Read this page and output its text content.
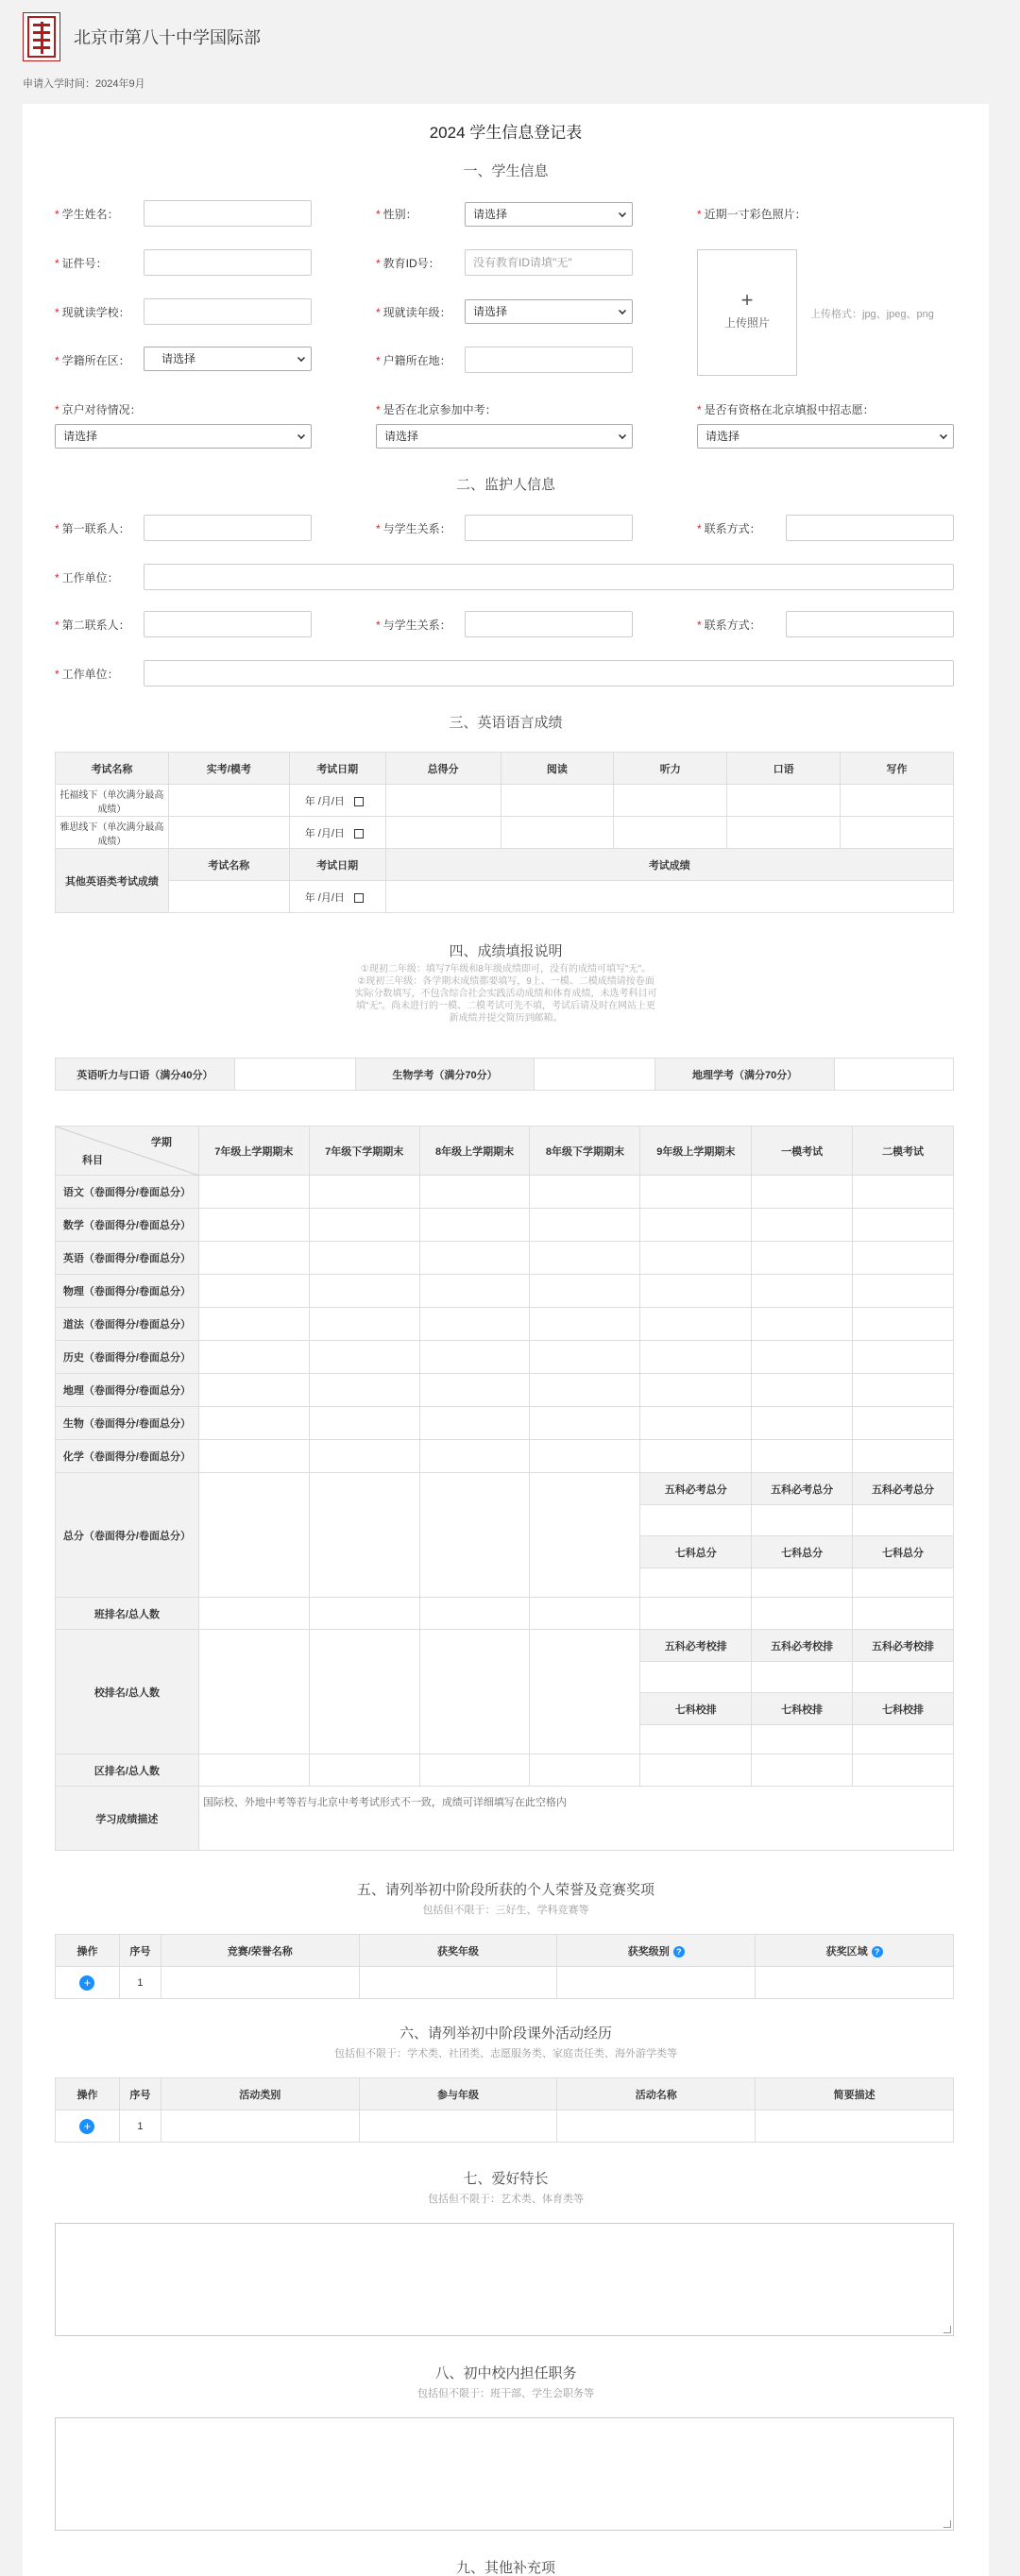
北京市第八十中学国际部
申请入学时间：2024年9月
2024 学生信息登记表
一、学生信息
* 学生姓名：	* 性别：	请选择	* 近期一寸彩色照片：
* 证件号：	* 教育ID号：	没有教育ID请填"无"
+
上传照片
上传格式：jpg、jpeg、png
* 现就读学校：	* 现就读年级：	请选择
* 学籍所在区：	请选择	* 户籍所在地：
* 京户对待情况：
请选择
* 是否在北京参加中考：
请选择
* 是否有资格在北京填报中招志愿：
请选择
二、监护人信息
* 第一联系人：	* 与学生关系：	* 联系方式：
* 工作单位：
* 第二联系人：	* 与学生关系：	* 联系方式：
* 工作单位：
三、英语语言成绩
考试名称	实考/模考	考试日期	总得分	阅读	听力	口语	写作
托福线下（单次满分最高成绩）		年 /月/日					
雅思线下（单次满分最高成绩）		年 /月/日					
其他英语类考试成绩	考试名称	考试日期	考试成绩				
		年 /月/日					
四、成绩填报说明
①现初二年级：填写7年级和8年级成绩即可，没有的成绩可填写"无"。
②现初三年级：各学期末成绩都要填写，9上、一模、二模成绩请按卷面
实际分数填写，不包含综合社会实践活动成绩和体育成绩，未选考科目可
填"无"。尚未进行的一模、二模考试可先不填，考试后请及时在网站上更
新成绩并提交简历到邮箱。
英语听力与口语（满分40分）		生物学考（满分70分）		地理学考（满分70分）	
学期
科目	7年级上学期期末	7年级下学期期末	8年级上学期期末	8年级下学期期末	9年级上学期期末	一模考试	二模考试
语文（卷面得分/卷面总分）							
数学（卷面得分/卷面总分）							
英语（卷面得分/卷面总分）							
物理（卷面得分/卷面总分）							
道法（卷面得分/卷面总分）							
历史（卷面得分/卷面总分）							
地理（卷面得分/卷面总分）							
生物（卷面得分/卷面总分）							
化学（卷面得分/卷面总分）							
总分（卷面得分/卷面总分）					五科必考总分	五科必考总分	五科必考总分

					七科总分	七科总分	七科总分

班排名/总人数							
校排名/总人数					五科必考校排	五科必考校排	五科必考校排

					七科校排	七科校排	七科校排

区排名/总人数							
学习成绩描述	国际校、外地中考等若与北京中考考试形式不一致，成绩可详细填写在此空格内						
五、请列举初中阶段所获的个人荣誉及竞赛奖项
包括但不限于：三好生、学科竞赛等
操作	序号	竞赛/荣誉名称	获奖年级	获奖级别 ?	获奖区域 ?
+	1				
六、请列举初中阶段课外活动经历
包括但不限于：学术类、社团类、志愿服务类、家庭责任类、海外游学类等
操作	序号	活动类别	参与年级	活动名称	简要描述
+	1				
七、爱好特长
包括但不限于：艺术类、体育类等
八、初中校内担任职务
包括但不限于：班干部、学生会职务等
九、其他补充项
